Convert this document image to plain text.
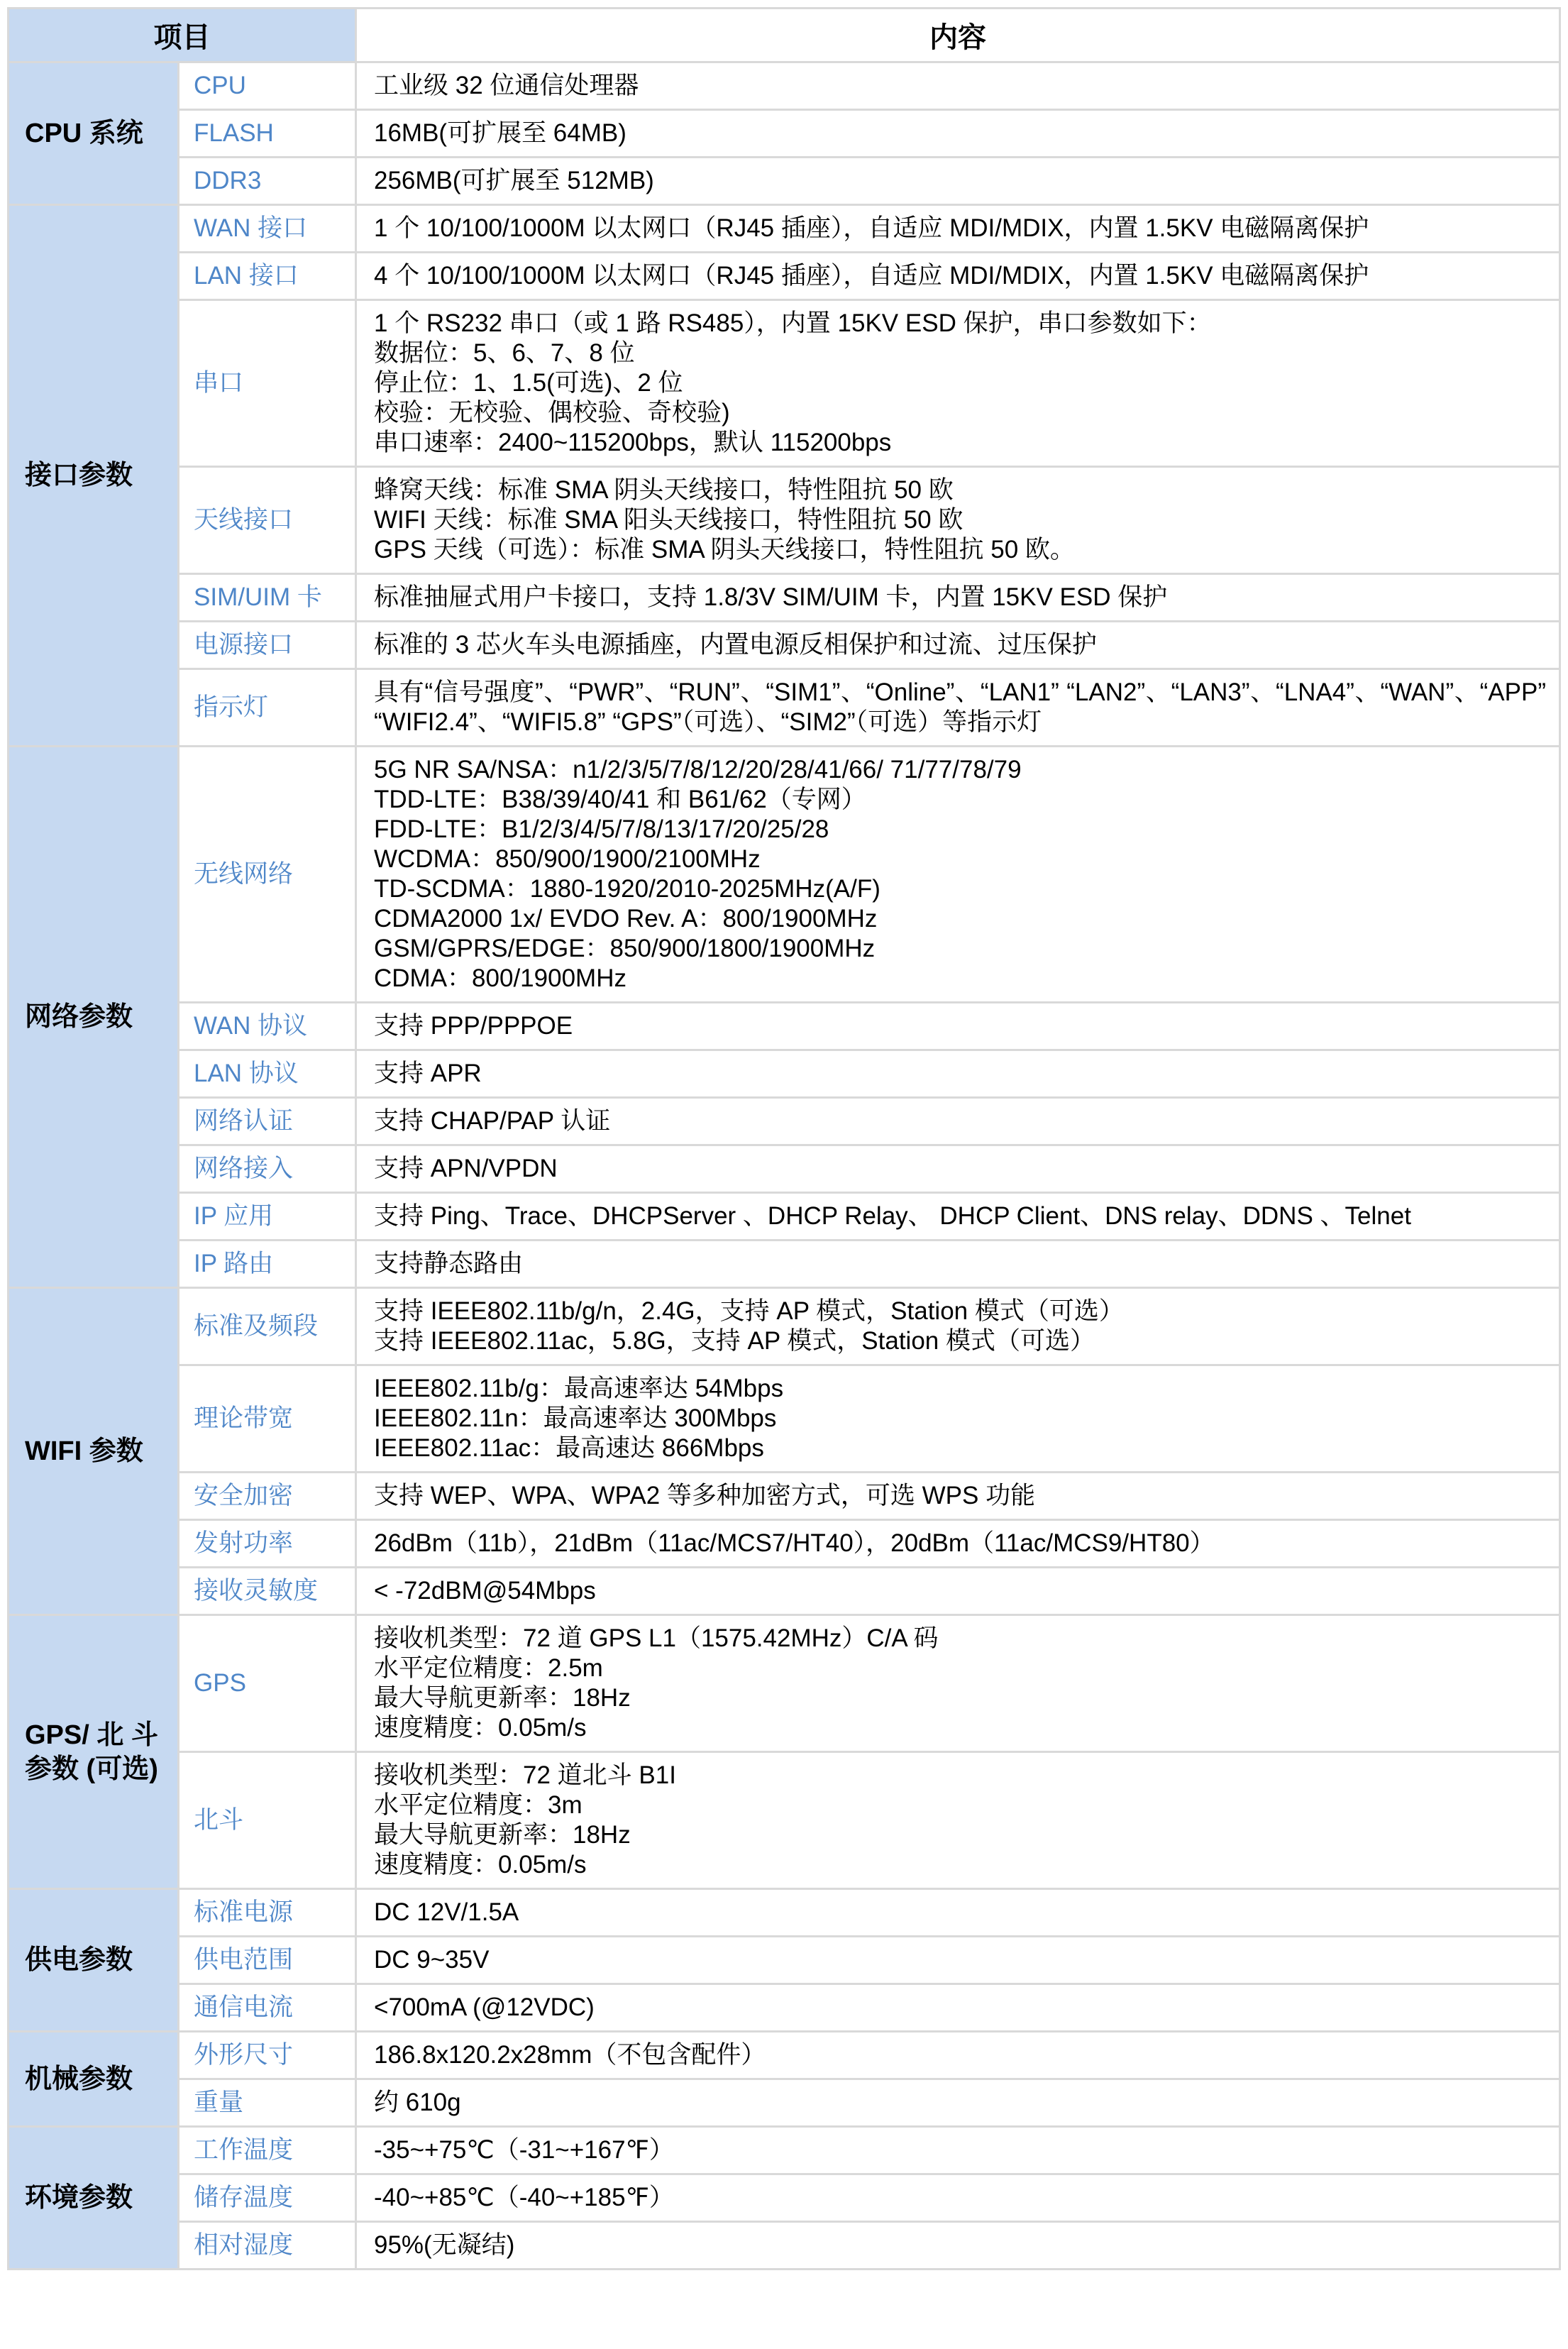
项目		内容
CPU 系统	CPU	工业级 32 位通信处理器

	FLASH	16MB(可扩展至 64MB)

	DDR3	256MB(可扩展至 512MB)

接口参数	WAN 接口	1 个 10/100/1000M 以太网口（RJ45 插座），自适应 MDI/MDIX，内置 1.5KV 电磁隔离保护

	LAN 接口	4 个 10/100/1000M 以太网口（RJ45 插座），自适应 MDI/MDIX，内置 1.5KV 电磁隔离保护

	串口	1 个 RS232 串口（或 1 路 RS485），内置 15KV ESD 保护，串口参数如下：
数据位：5、6、7、8 位
停止位：1、1.5(可选)、2 位
校验：无校验、偶校验、奇校验)
串口速率：2400~115200bps，默认 115200bps

	天线接口	蜂窝天线：标准 SMA 阴头天线接口，特性阻抗 50 欧
WIFI 天线：标准 SMA 阳头天线接口，特性阻抗 50 欧
GPS 天线（可选）：标准 SMA 阴头天线接口，特性阻抗 50 欧。

	SIM/UIM 卡	标准抽屉式用户卡接口，支持 1.8/3V SIM/UIM 卡，内置 15KV ESD 保护

	电源接口	标准的 3 芯火车头电源插座，内置电源反相保护和过流、过压保护

	指示灯	具有“信号强度”、“PWR”、“RUN”、“SIM1”、“Online”、“LAN1” “LAN2”、“LAN3”、“LNA4”、“WAN”、“APP” “WIFI2.4”、“WIFI5.8” “GPS”（可选）、“SIM2”（可选）等指示灯

网络参数	无线网络	
5G NR SA/NSA：n1/2/3/5/7/8/12/20/28/41/66/ 71/77/78/79
TDD-LTE：B38/39/40/41 和 B61/62（专网）
FDD-LTE：B1/2/3/4/5/7/8/13/17/20/25/28
WCDMA：850/900/1900/2100MHz
TD-SCDMA：1880-1920/2010-2025MHz(A/F)
CDMA2000 1x/ EVDO Rev. A：800/1900MHz
GSM/GPRS/EDGE：850/900/1800/1900MHz
CDMA：800/1900MHz

	WAN 协议	支持 PPP/PPPOE

	LAN 协议	支持 APR

	网络认证	支持 CHAP/PAP 认证

	网络接入	支持 APN/VPDN

	IP 应用	支持 Ping、Trace、DHCPServer 、DHCP Relay、 DHCP Client、DNS relay、DDNS 、Telnet

	IP 路由	支持静态路由

WIFI 参数	标准及频段	支持 IEEE802.11b/g/n，2.4G，支持 AP 模式，Station 模式（可选）
支持 IEEE802.11ac，5.8G，支持 AP 模式，Station 模式（可选）

	理论带宽	IEEE802.11b/g：最高速率达 54Mbps
IEEE802.11n：最高速率达 300Mbps
IEEE802.11ac：最高速达 866Mbps

	安全加密	支持 WEP、WPA、WPA2 等多种加密方式，可选 WPS 功能

	发射功率	26dBm（11b），21dBm（11ac/MCS7/HT40），20dBm（11ac/MCS9/HT80）

	接收灵敏度	< -72dBM@54Mbps

GPS/ 北 斗 参数 (可选)	GPS	接收机类型：72 道 GPS L1（1575.42MHz）C/A 码
水平定位精度：2.5m
最大导航更新率：18Hz
速度精度：0.05m/s

	北斗	接收机类型：72 道北斗 B1I
水平定位精度：3m
最大导航更新率：18Hz
速度精度：0.05m/s

供电参数	标准电源	DC 12V/1.5A

	供电范围	DC 9~35V

	通信电流	<700mA (@12VDC)

机械参数	外形尺寸	186.8x120.2x28mm（不包含配件）

	重量	约 610g

环境参数	工作温度	-35~+75℃（-31~+167℉）

	储存温度	-40~+85℃（-40~+185℉）

	相对湿度	95%(无凝结)
